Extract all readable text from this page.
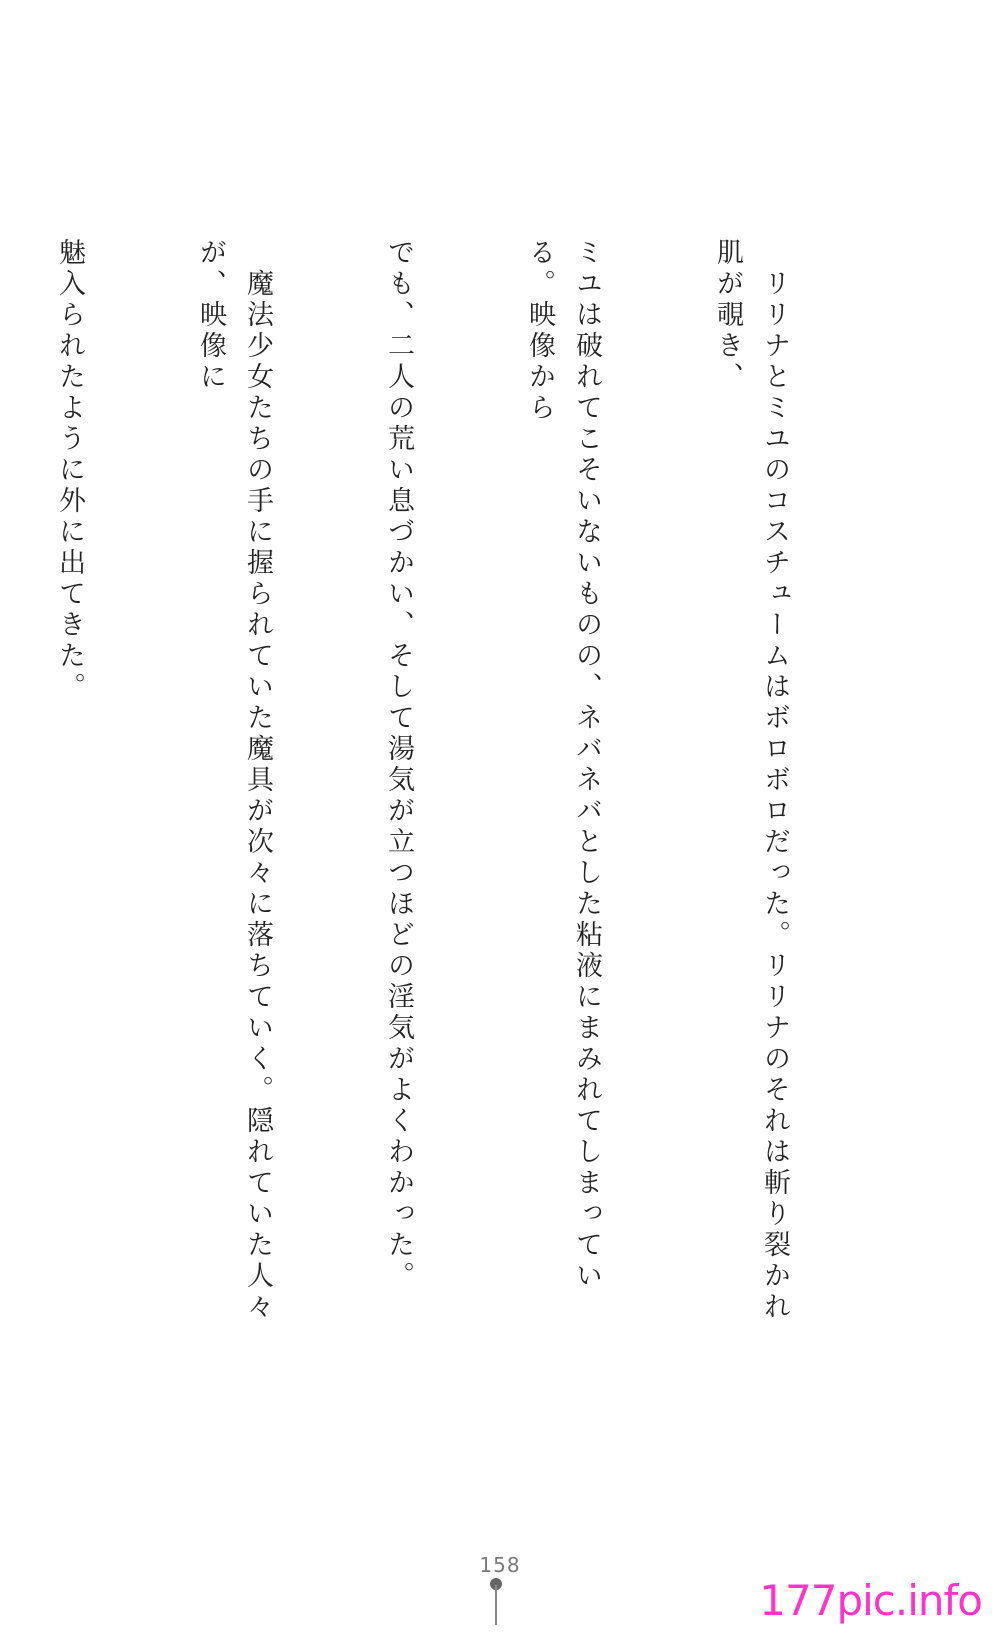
　リリナとミユのコスチュームはボロボロだった。リリナのそれは斬り裂かれ肌が覗き、

ミユは破れてこそいないものの、ネバネバとした粘液にまみれてしまっている。映像から

でも、二人の荒い息づかい、そして湯気が立つほどの淫気がよくわかった。

　魔法少女たちの手に握られていた魔具が次々に落ちていく。隠れていた人々が、映像に

魅入られたように外に出てきた。

158
177pic.info
